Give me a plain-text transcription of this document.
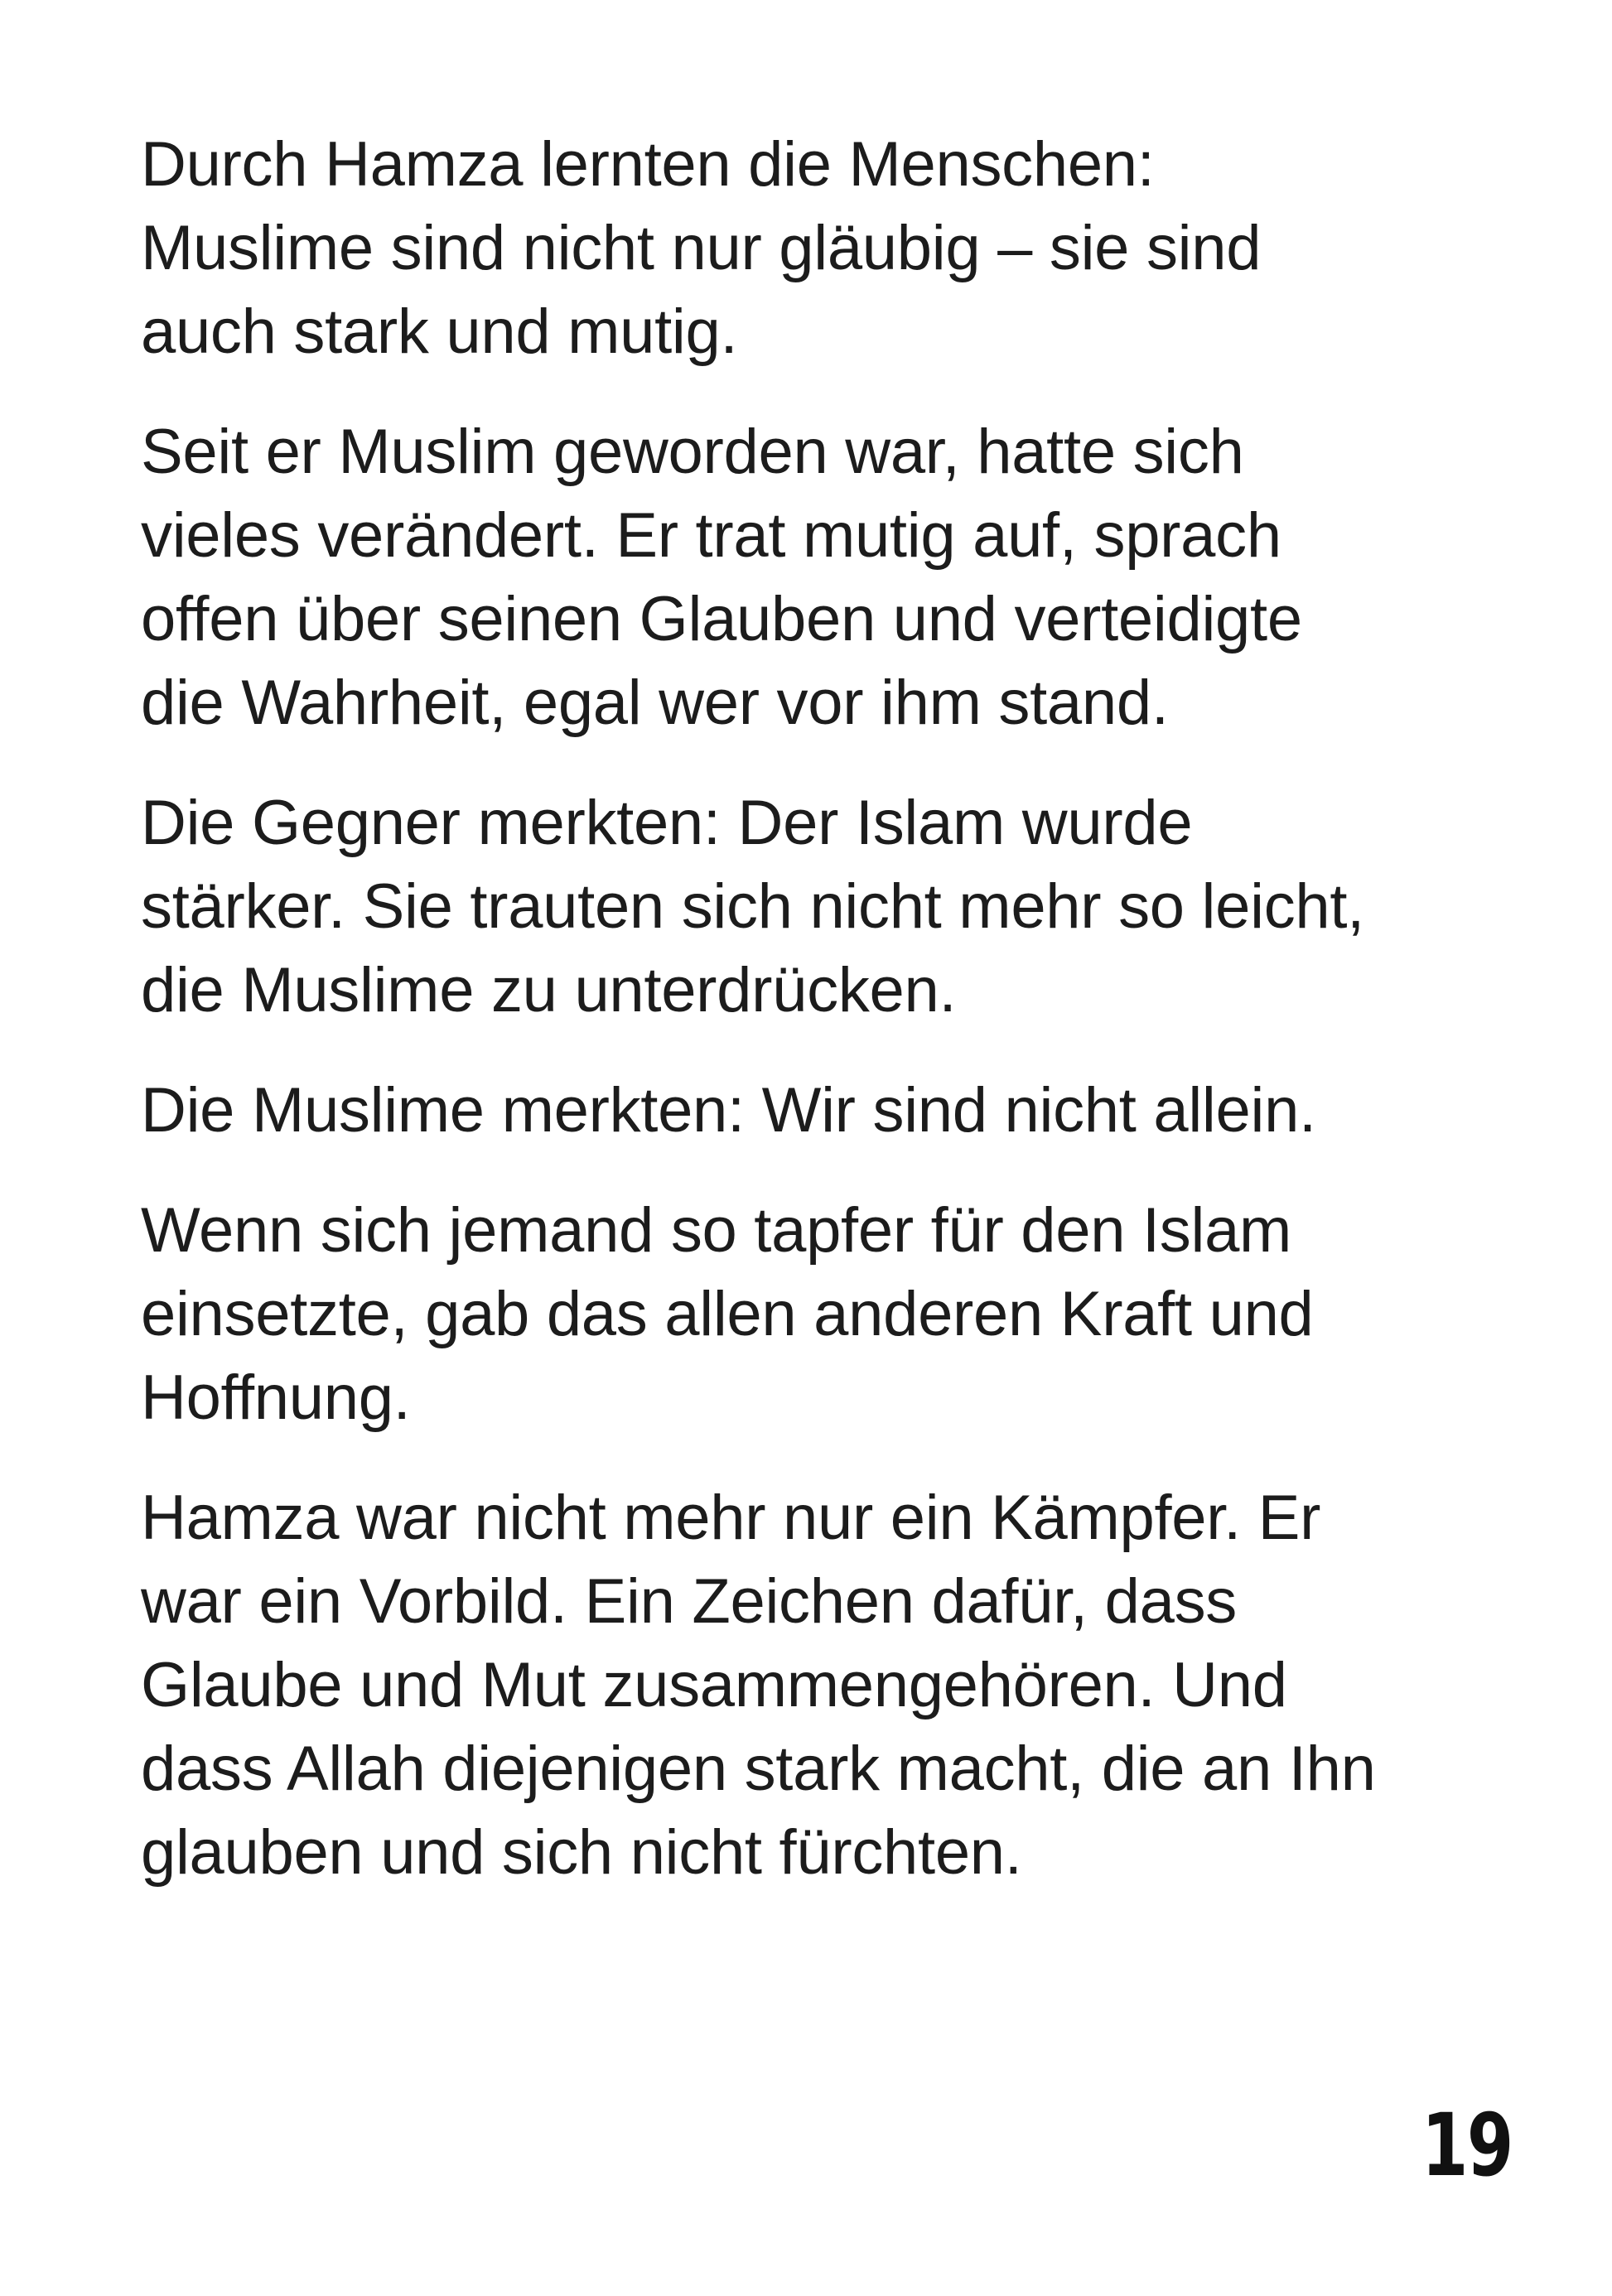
Durch Hamza lernten die Menschen:
Muslime sind nicht nur gläubig – sie sind
auch stark und mutig.

Seit er Muslim geworden war, hatte sich
vieles verändert. Er trat mutig auf, sprach
offen über seinen Glauben und verteidigte
die Wahrheit, egal wer vor ihm stand.

Die Gegner merkten: Der Islam wurde
stärker. Sie trauten sich nicht mehr so leicht,
die Muslime zu unterdrücken.

Die Muslime merkten: Wir sind nicht allein.

Wenn sich jemand so tapfer für den Islam
einsetzte, gab das allen anderen Kraft und
Hoffnung.

Hamza war nicht mehr nur ein Kämpfer. Er
war ein Vorbild. Ein Zeichen dafür, dass
Glaube und Mut zusammengehören. Und
dass Allah diejenigen stark macht, die an Ihn
glauben und sich nicht fürchten.

19
